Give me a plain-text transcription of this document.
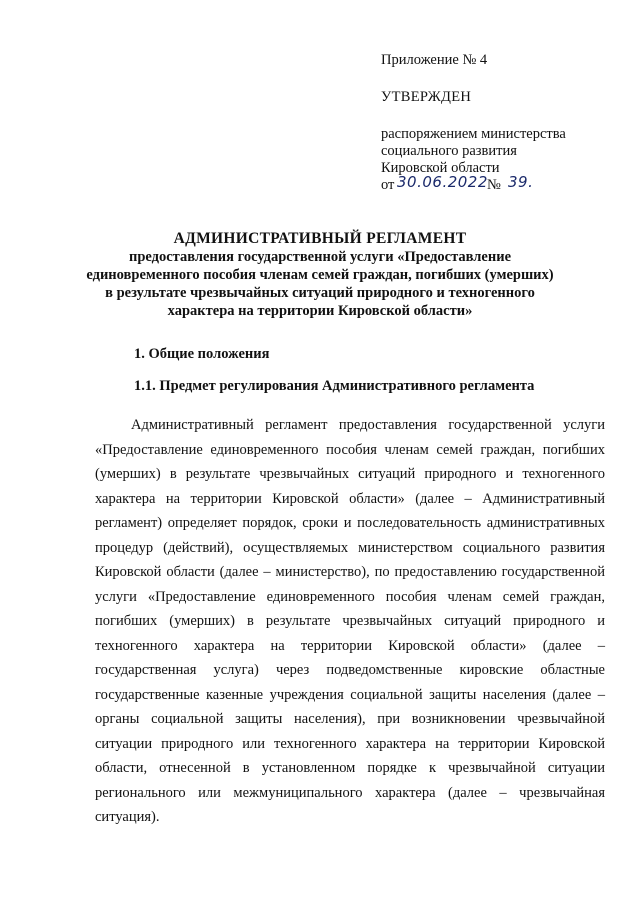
Приложение № 4
УТВЕРЖДЕН
распоряжением министерства
социального развития
Кировской области
от 30.06.2022 № 39.
АДМИНИСТРАТИВНЫЙ РЕГЛАМЕНТ
предоставления государственной услуги «Предоставление
единовременного пособия членам семей граждан, погибших (умерших)
в результате чрезвычайных ситуаций природного и техногенного
характера на территории Кировской области»
1. Общие положения
1.1. Предмет регулирования Административного регламента

Административный регламент предоставления государственной услуги «Предоставление единовременного пособия членам семей граждан, погибших (умерших) в результате чрезвычайных ситуаций природного и техногенного характера на территории Кировской области» (далее – Административный регламент) определяет порядок, сроки и последовательность административных процедур (действий), осуществляемых министерством социального развития Кировской области (далее – министерство), по предоставлению государственной услуги «Предоставление единовременного пособия членам семей граждан, погибших (умерших) в результате чрезвычайных ситуаций природного и техногенного характера на территории Кировской области» (далее – государственная услуга) через подведомственные кировские областные государственные казенные учреждения социальной защиты населения (далее – органы социальной защиты населения), при возникновении чрезвычайной ситуации природного или техногенного характера на территории Кировской области, отнесенной в установленном порядке к чрезвычайной ситуации регионального или межмуниципального характера (далее – чрезвычайная ситуация).
